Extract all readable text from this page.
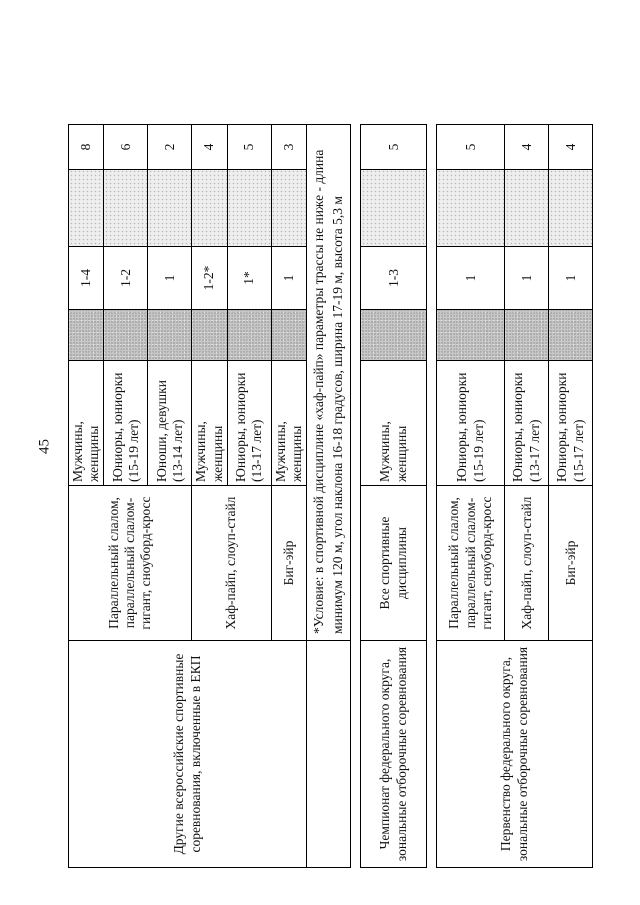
45
Другие всероссийские спортивные соревнования, включенные в ЕКП	Параллельный слалом, параллельный слалом-гигант, сноуборд-кросс	Мужчины, женщины		1-4		8
		Юниоры, юниорки (15-19 лет)		1-2		6
		Юноши, девушки (13-14 лет)		1		2
	Хаф-пайп, слоуп-стайл	Мужчины, женщины		1-2*		4
		Юниоры, юниорки (13-17 лет)		1*		5
	Биг-эйр	Мужчины, женщины		1		3
	*Условие: в спортивной дисциплине «хаф-пайп» параметры трассы не ниже - длина минимум 120 м, угол наклона 16-18 градусов, ширина 17-19 м, высота 5,3 м					

Чемпионат федерального округа, зональные отборочные соревнования	Все спортивные дисциплины	Мужчины, женщины		1-3		5

Первенство федерального округа, зональные отборочные соревнования	Параллельный слалом, параллельный слалом-гигант, сноуборд-кросс	Юниоры, юниорки (15-19 лет)		1		5
	Хаф-пайп, слоуп-стайл	Юниоры, юниорки (13-17 лет)		1		4
	Биг-эйр	Юниоры, юниорки (15-17 лет)		1		4
